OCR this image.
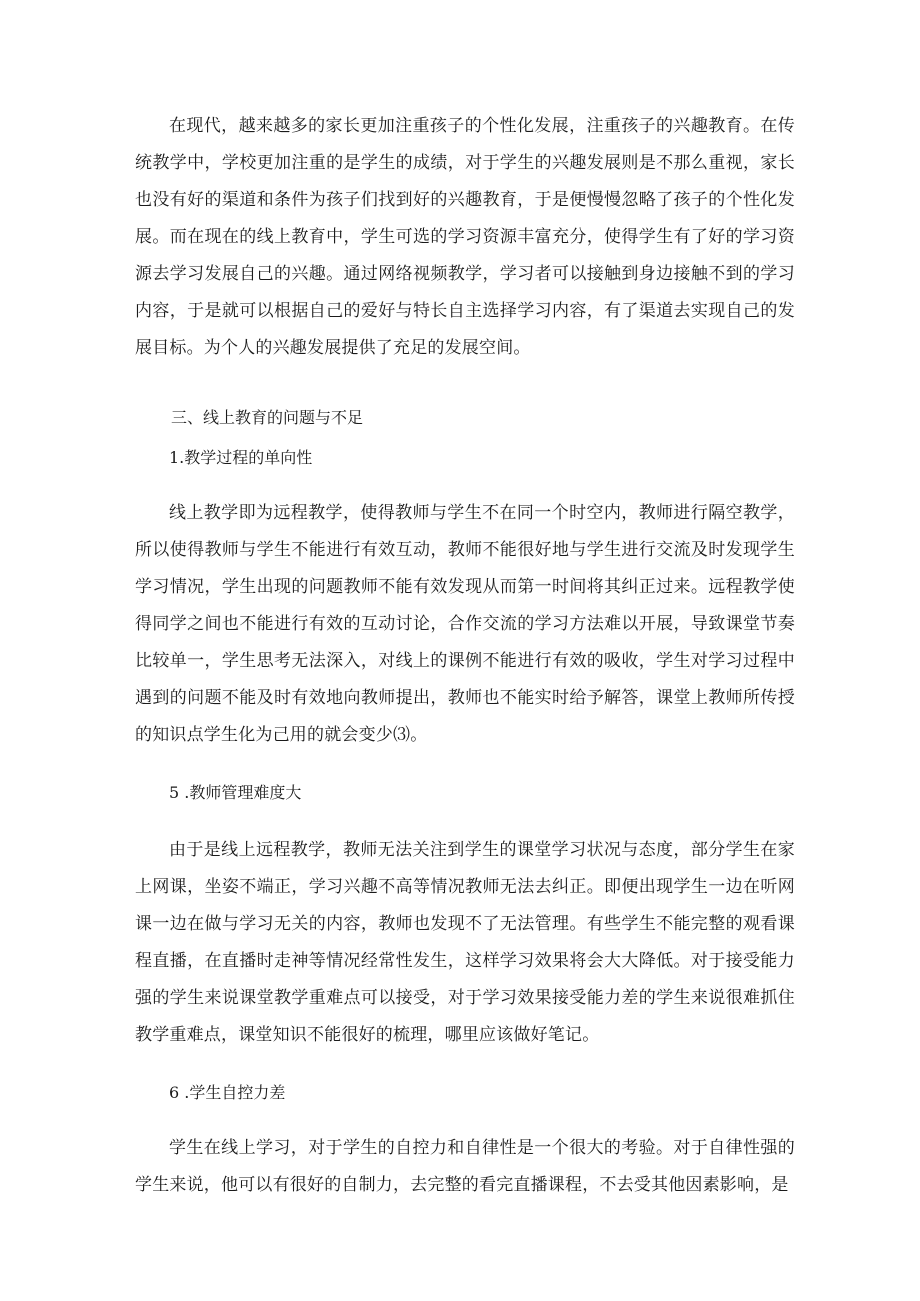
在现代，越来越多的家长更加注重孩子的个性化发展，注重孩子的兴趣教育。在传统教学中，学校更加注重的是学生的成绩，对于学生的兴趣发展则是不那么重视，家长也没有好的渠道和条件为孩子们找到好的兴趣教育，于是便慢慢忽略了孩子的个性化发展。而在现在的线上教育中，学生可选的学习资源丰富充分，使得学生有了好的学习资源去学习发展自己的兴趣。通过网络视频教学，学习者可以接触到身边接触不到的学习内容，于是就可以根据自己的爱好与特长自主选择学习内容，有了渠道去实现自己的发展目标。为个人的兴趣发展提供了充足的发展空间。

三、线上教育的问题与不足

1.教学过程的单向性

线上教学即为远程教学，使得教师与学生不在同一个时空内，教师进行隔空教学，所以使得教师与学生不能进行有效互动，教师不能很好地与学生进行交流及时发现学生学习情况，学生出现的问题教师不能有效发现从而第一时间将其纠正过来。远程教学使得同学之间也不能进行有效的互动讨论，合作交流的学习方法难以开展，导致课堂节奏比较单一，学生思考无法深入，对线上的课例不能进行有效的吸收，学生对学习过程中遇到的问题不能及时有效地向教师提出，教师也不能实时给予解答，课堂上教师所传授的知识点学生化为己用的就会变少⑶。

5 .教师管理难度大

由于是线上远程教学，教师无法关注到学生的课堂学习状况与态度，部分学生在家上网课，坐姿不端正，学习兴趣不高等情况教师无法去纠正。即便出现学生一边在听网课一边在做与学习无关的内容，教师也发现不了无法管理。有些学生不能完整的观看课程直播，在直播时走神等情况经常性发生，这样学习效果将会大大降低。对于接受能力强的学生来说课堂教学重难点可以接受，对于学习效果接受能力差的学生来说很难抓住教学重难点，课堂知识不能很好的梳理，哪里应该做好笔记。

6 .学生自控力差

学生在线上学习，对于学生的自控力和自律性是一个很大的考验。对于自律性强的学生来说，他可以有很好的自制力，去完整的看完直播课程，不去受其他因素影响，是
